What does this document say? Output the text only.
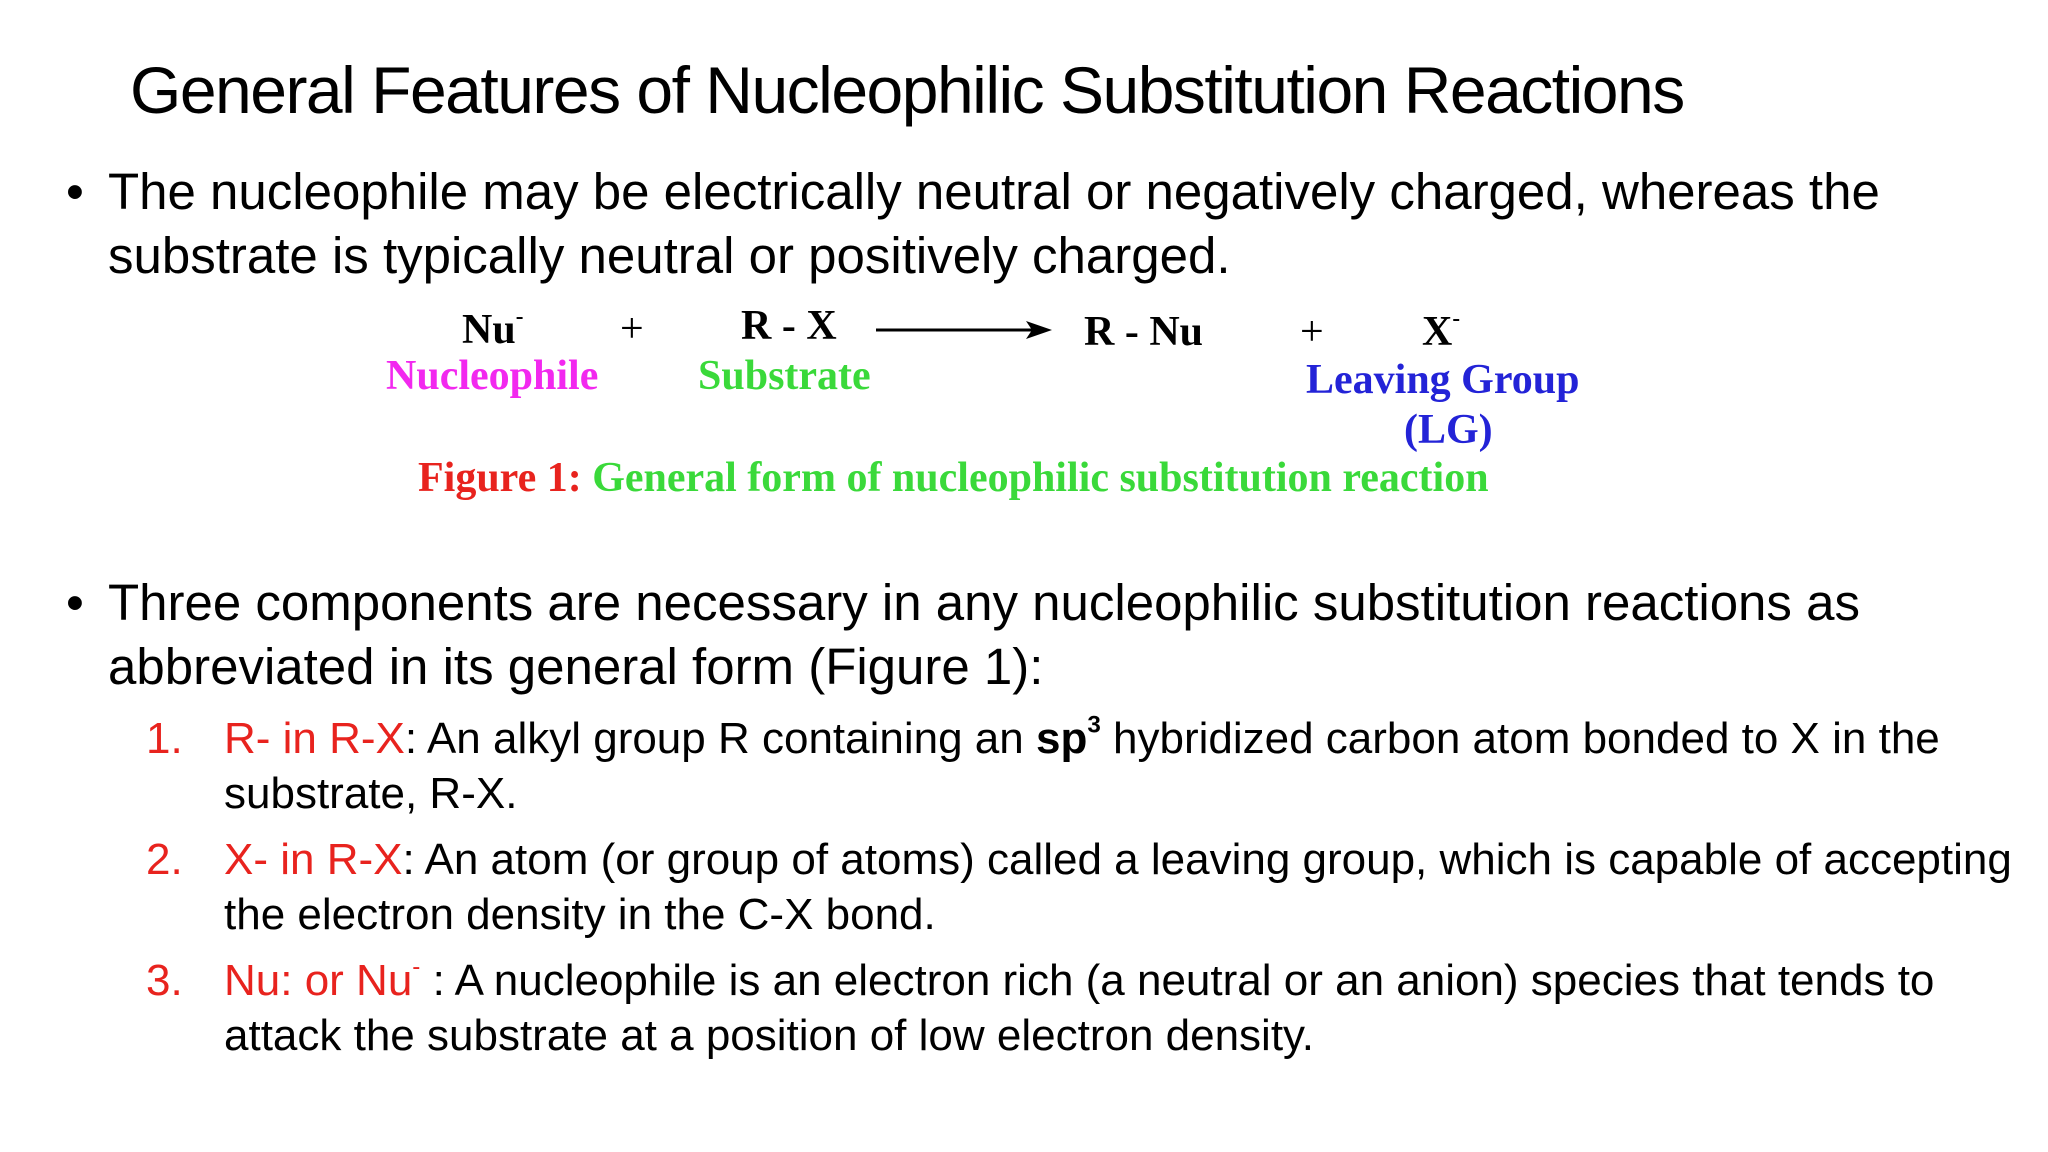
General Features of Nucleophilic Substitution Reactions
• The nucleophile may be electrically neutral or negatively charged, whereas the substrate is typically neutral or positively charged.
Nu- + R - X	R - Nu + X-
Nucleophile Substrate	Leaving Group
(LG)
Figure 1: General form of nucleophilic substitution reaction
• Three components are necessary in any nucleophilic substitution reactions as abbreviated in its general form (Figure 1):
1. R- in R-X: An alkyl group R containing an $sp^3$ hybridized carbon atom bonded to X in the substrate, R-X.
2. X- in R-X: An atom (or group of atoms) called a leaving group, which is capable of accepting the electron density in the C-X bond.
3. Nu: or Nu- : A nucleophile is an electron rich (a neutral or an anion) species that tends to attack the substrate at a position of low electron density.
